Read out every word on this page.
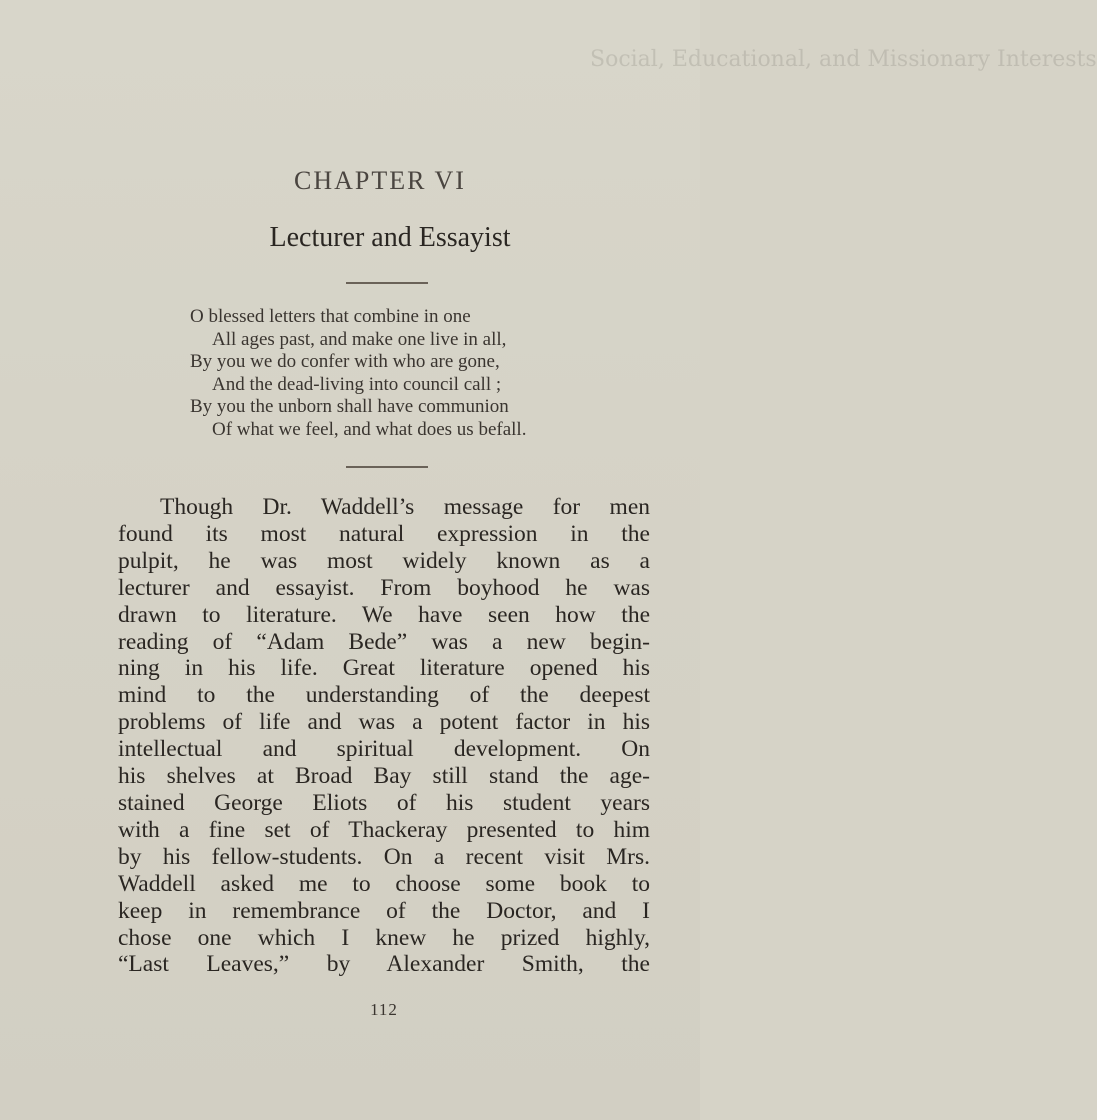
Social, Educational, and Missionary Interests
CHAPTER VI
Lecturer and Essayist
O blessed letters that combine in one
All ages past, and make one live in all,
By you we do confer with who are gone,
And the dead-living into council call ;
By you the unborn shall have communion
Of what we feel, and what does us befall.
Though Dr. Waddell’s message for men
found its most natural expression in the
pulpit, he was most widely known as a
lecturer and essayist. From boyhood he was
drawn to literature. We have seen how the
reading of “Adam Bede” was a new begin-
ning in his life. Great literature opened his
mind to the understanding of the deepest
problems of life and was a potent factor in his
intellectual and spiritual development. On
his shelves at Broad Bay still stand the age-
stained George Eliots of his student years
with a fine set of Thackeray presented to him
by his fellow-students. On a recent visit Mrs.
Waddell asked me to choose some book to
keep in remembrance of the Doctor, and I
chose one which I knew he prized highly,
“Last Leaves,” by Alexander Smith, the
112
